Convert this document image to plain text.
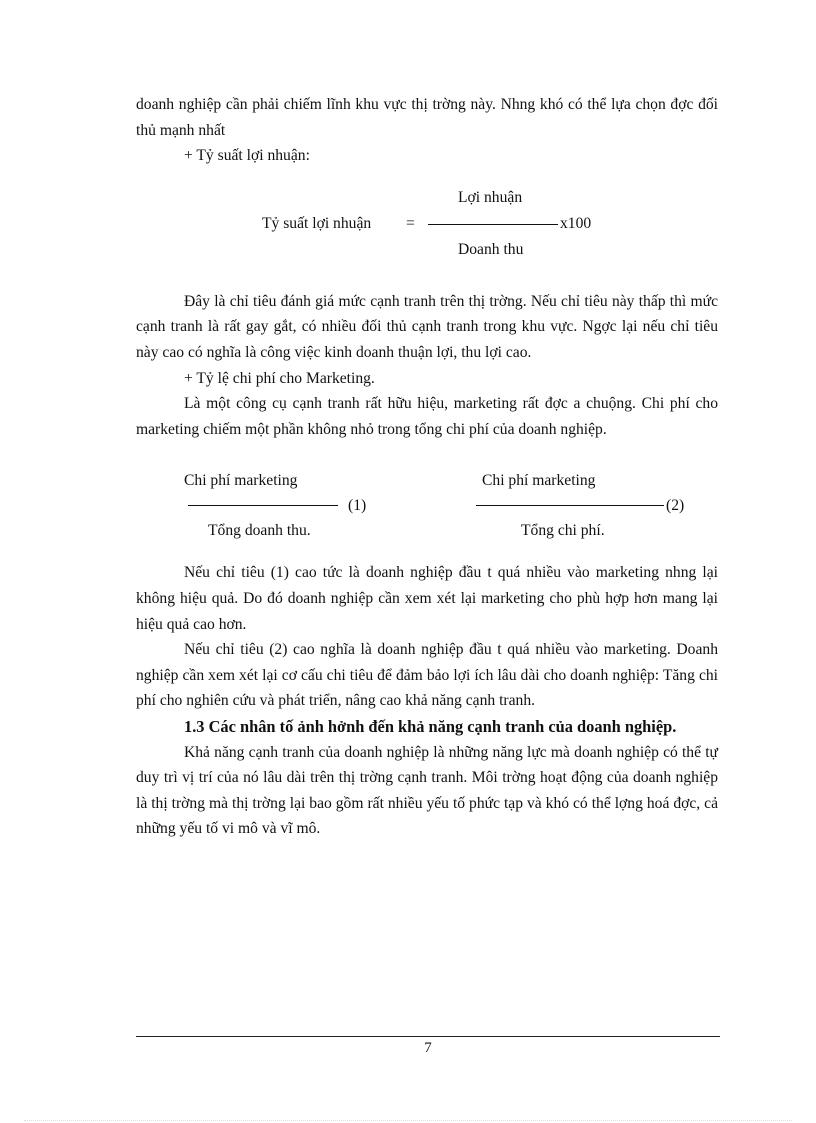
doanh nghiệp cần phải chiếm lĩnh khu vực thị trờng này. Nhng khó có thể lựa chọn đợc đối thủ mạnh nhất

+ Tỷ suất lợi nhuận:

Tỷ suất lợi nhuận =
Lợi nhuận
x100
Doanh thu

Đây là chỉ tiêu đánh giá mức cạnh tranh trên thị trờng. Nếu chỉ tiêu này thấp thì mức cạnh tranh là rất gay gắt, có nhiều đối thủ cạnh tranh trong khu vực. Ngợc lại nếu chỉ tiêu này cao có nghĩa là công việc kinh doanh thuận lợi, thu lợi cao.

+ Tỷ lệ chi phí cho Marketing.

Là một công cụ cạnh tranh rất hữu hiệu, marketing rất đợc a chuộng. Chi phí cho marketing chiếm một phần không nhỏ trong tổng chi phí của doanh nghiệp.

Chi phí marketing
(1)
Tổng doanh thu.
Chi phí marketing
(2)
Tổng chi phí.

Nếu chỉ tiêu (1) cao tức là doanh nghiệp đầu t quá nhiều vào marketing nhng lại không hiệu quả. Do đó doanh nghiệp cần xem xét lại marketing cho phù hợp hơn mang lại hiệu quả cao hơn.

Nếu chỉ tiêu (2) cao nghĩa là doanh nghiệp đầu t quá nhiều vào marketing. Doanh nghiệp cần xem xét lại cơ cấu chi tiêu để đảm bảo lợi ích lâu dài cho doanh nghiệp: Tăng chi phí cho nghiên cứu và phát triển, nâng cao khả năng cạnh tranh.

1.3 Các nhân tố ảnh hởnh đến khả năng cạnh tranh của doanh nghiệp.

Khả năng cạnh tranh của doanh nghiệp là những năng lực mà doanh nghiệp có thể tự duy trì vị trí của nó lâu dài trên thị trờng cạnh tranh. Môi trờng hoạt động của doanh nghiệp là thị trờng mà thị trờng lại bao gồm rất nhiều yếu tố phức tạp và khó có thể lợng hoá đợc, cả những yếu tố vi mô và vĩ mô.

7
